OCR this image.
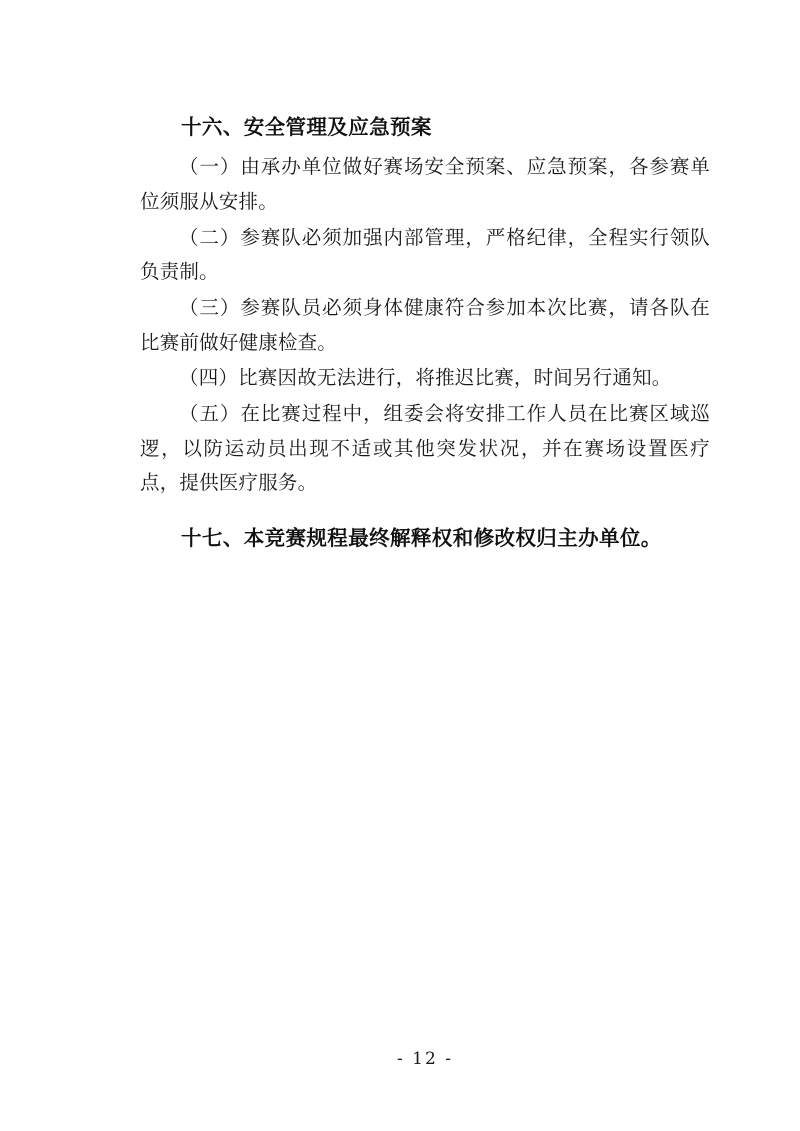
十六、安全管理及应急预案

（一）由承办单位做好赛场安全预案、应急预案，各参赛单位须服从安排。

（二）参赛队必须加强内部管理，严格纪律，全程实行领队负责制。

（三）参赛队员必须身体健康符合参加本次比赛，请各队在比赛前做好健康检查。

（四）比赛因故无法进行，将推迟比赛，时间另行通知。

（五）在比赛过程中，组委会将安排工作人员在比赛区域巡逻，以防运动员出现不适或其他突发状况，并在赛场设置医疗点，提供医疗服务。

十七、本竞赛规程最终解释权和修改权归主办单位。
- 12 -
